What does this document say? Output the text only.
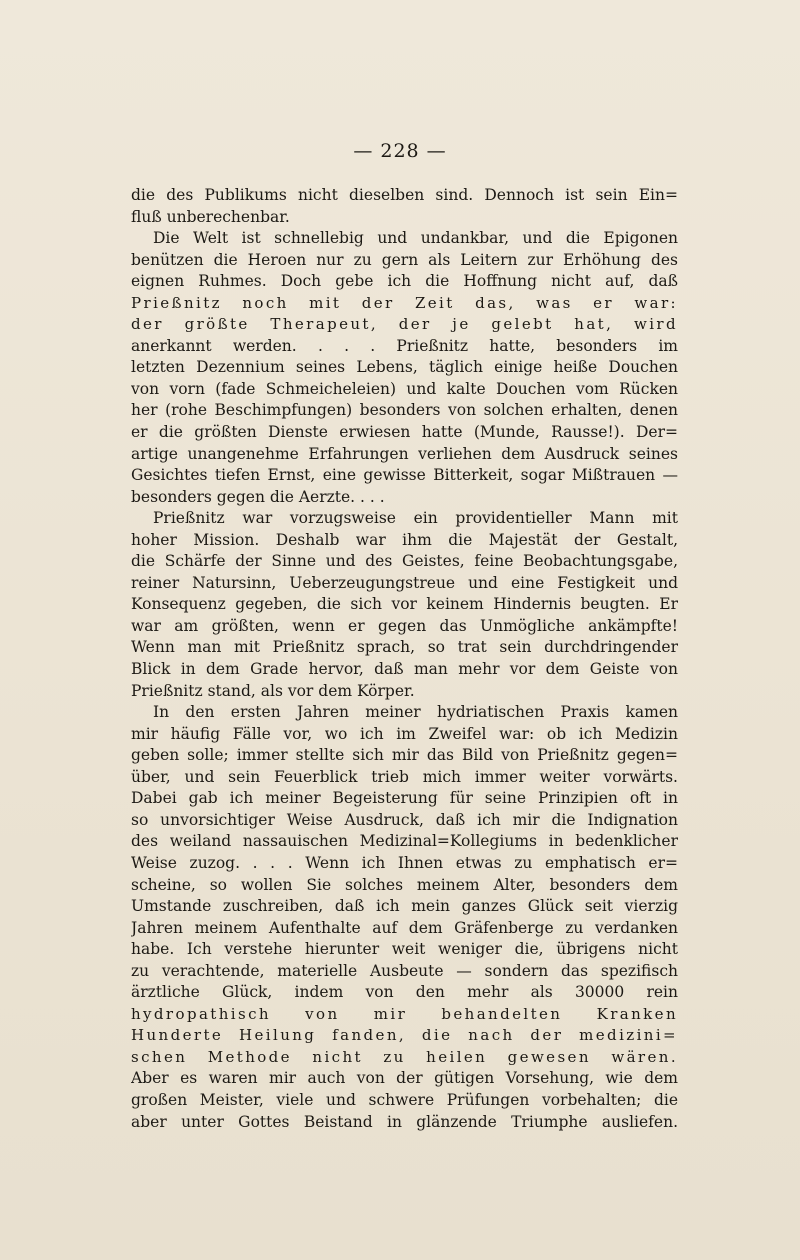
— 228 —
die des Publikums nicht dieselben sind. Dennoch ist sein Ein=
fluß unberechenbar.
Die Welt ist schnellebig und undankbar, und die Epigonen
benützen die Heroen nur zu gern als Leitern zur Erhöhung des
eignen Ruhmes. Doch gebe ich die Hoffnung nicht auf, daß
Prießnitz noch mit der Zeit das, was er war:
der größte Therapeut, der je gelebt hat, wird
anerkannt werden. . . . Prießnitz hatte, besonders im
letzten Dezennium seines Lebens, täglich einige heiße Douchen
von vorn (fade Schmeicheleien) und kalte Douchen vom Rücken
her (rohe Beschimpfungen) besonders von solchen erhalten, denen
er die größten Dienste erwiesen hatte (Munde, Rausse!). Der=
artige unangenehme Erfahrungen verliehen dem Ausdruck seines
Gesichtes tiefen Ernst, eine gewisse Bitterkeit, sogar Mißtrauen —
besonders gegen die Aerzte. . . .
Prießnitz war vorzugsweise ein providentieller Mann mit
hoher Mission. Deshalb war ihm die Majestät der Gestalt,
die Schärfe der Sinne und des Geistes, feine Beobachtungsgabe,
reiner Natursinn, Ueberzeugungstreue und eine Festigkeit und
Konsequenz gegeben, die sich vor keinem Hindernis beugten. Er
war am größten, wenn er gegen das Unmögliche ankämpfte!
Wenn man mit Prießnitz sprach, so trat sein durchdringender
Blick in dem Grade hervor, daß man mehr vor dem Geiste von
Prießnitz stand, als vor dem Körper.
In den ersten Jahren meiner hydriatischen Praxis kamen
mir häufig Fälle vor, wo ich im Zweifel war: ob ich Medizin
geben solle; immer stellte sich mir das Bild von Prießnitz gegen=
über, und sein Feuerblick trieb mich immer weiter vorwärts.
Dabei gab ich meiner Begeisterung für seine Prinzipien oft in
so unvorsichtiger Weise Ausdruck, daß ich mir die Indignation
des weiland nassauischen Medizinal=Kollegiums in bedenklicher
Weise zuzog. . . . Wenn ich Ihnen etwas zu emphatisch er=
scheine, so wollen Sie solches meinem Alter, besonders dem
Umstande zuschreiben, daß ich mein ganzes Glück seit vierzig
Jahren meinem Aufenthalte auf dem Gräfenberge zu verdanken
habe. Ich verstehe hierunter weit weniger die, übrigens nicht
zu verachtende, materielle Ausbeute — sondern das spezifisch
ärztliche Glück, indem von den mehr als 30000 rein
hydropathisch von mir behandelten Kranken
Hunderte Heilung fanden, die nach der medizini=
schen Methode nicht zu heilen gewesen wären.
Aber es waren mir auch von der gütigen Vorsehung, wie dem
großen Meister, viele und schwere Prüfungen vorbehalten; die
aber unter Gottes Beistand in glänzende Triumphe ausliefen.
